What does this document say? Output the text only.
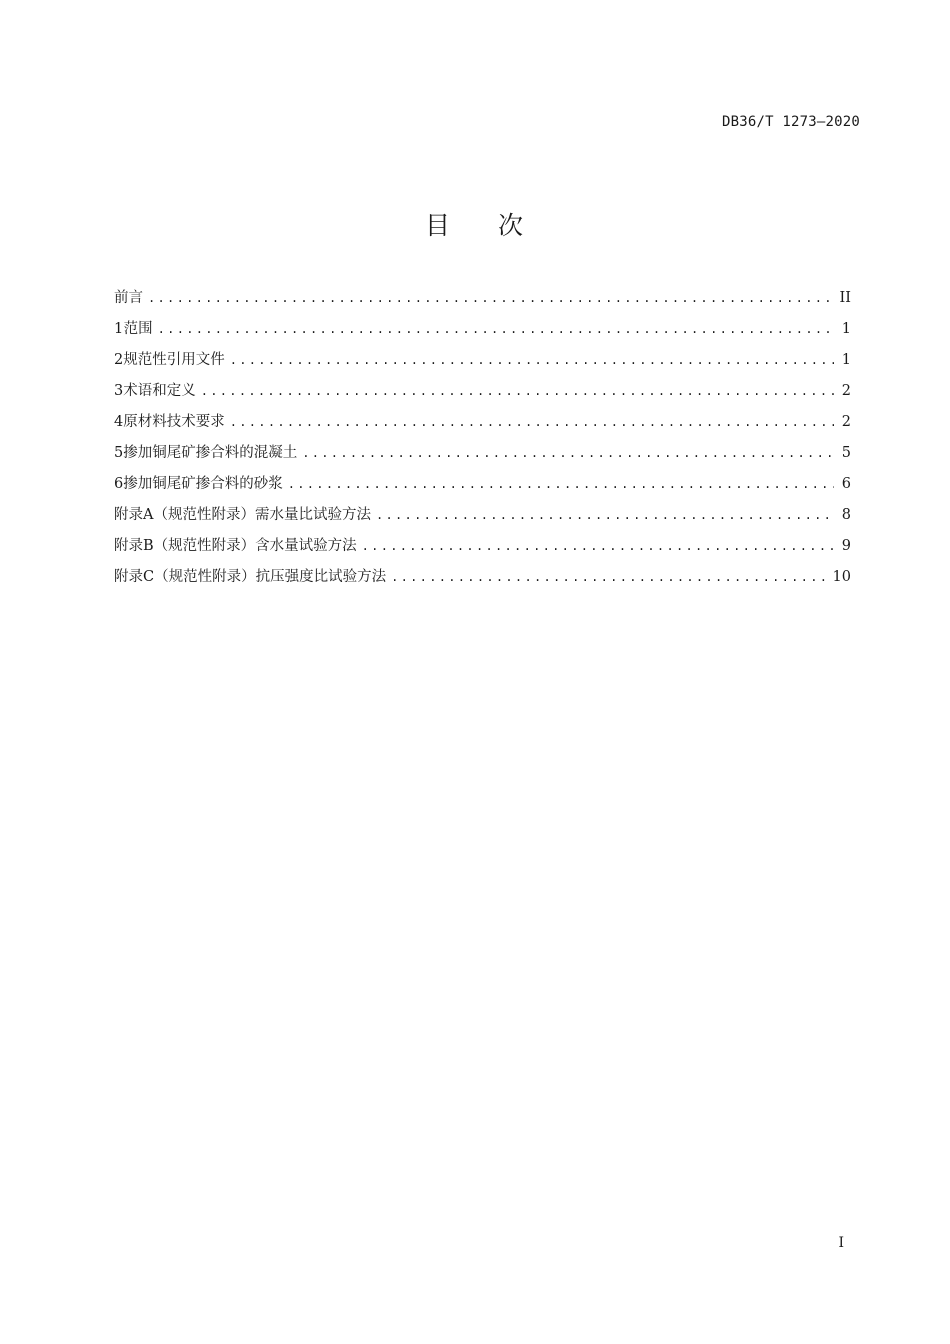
DB36/T 1273—2020
目 次
前言 .....	II
1 范围 .....	1
2 规范性引用文件 .....	1
3 术语和定义 .....	2
4 原材料技术要求 .....	2
5 掺加铜尾矿掺合料的混凝土 .....	5
6 掺加铜尾矿掺合料的砂浆 .....	6
附录A （规范性附录） 需水量比试验方法 .....	8
附录B （规范性附录） 含水量试验方法 .....	9
附录C （规范性附录） 抗压强度比试验方法 .....	10
I
